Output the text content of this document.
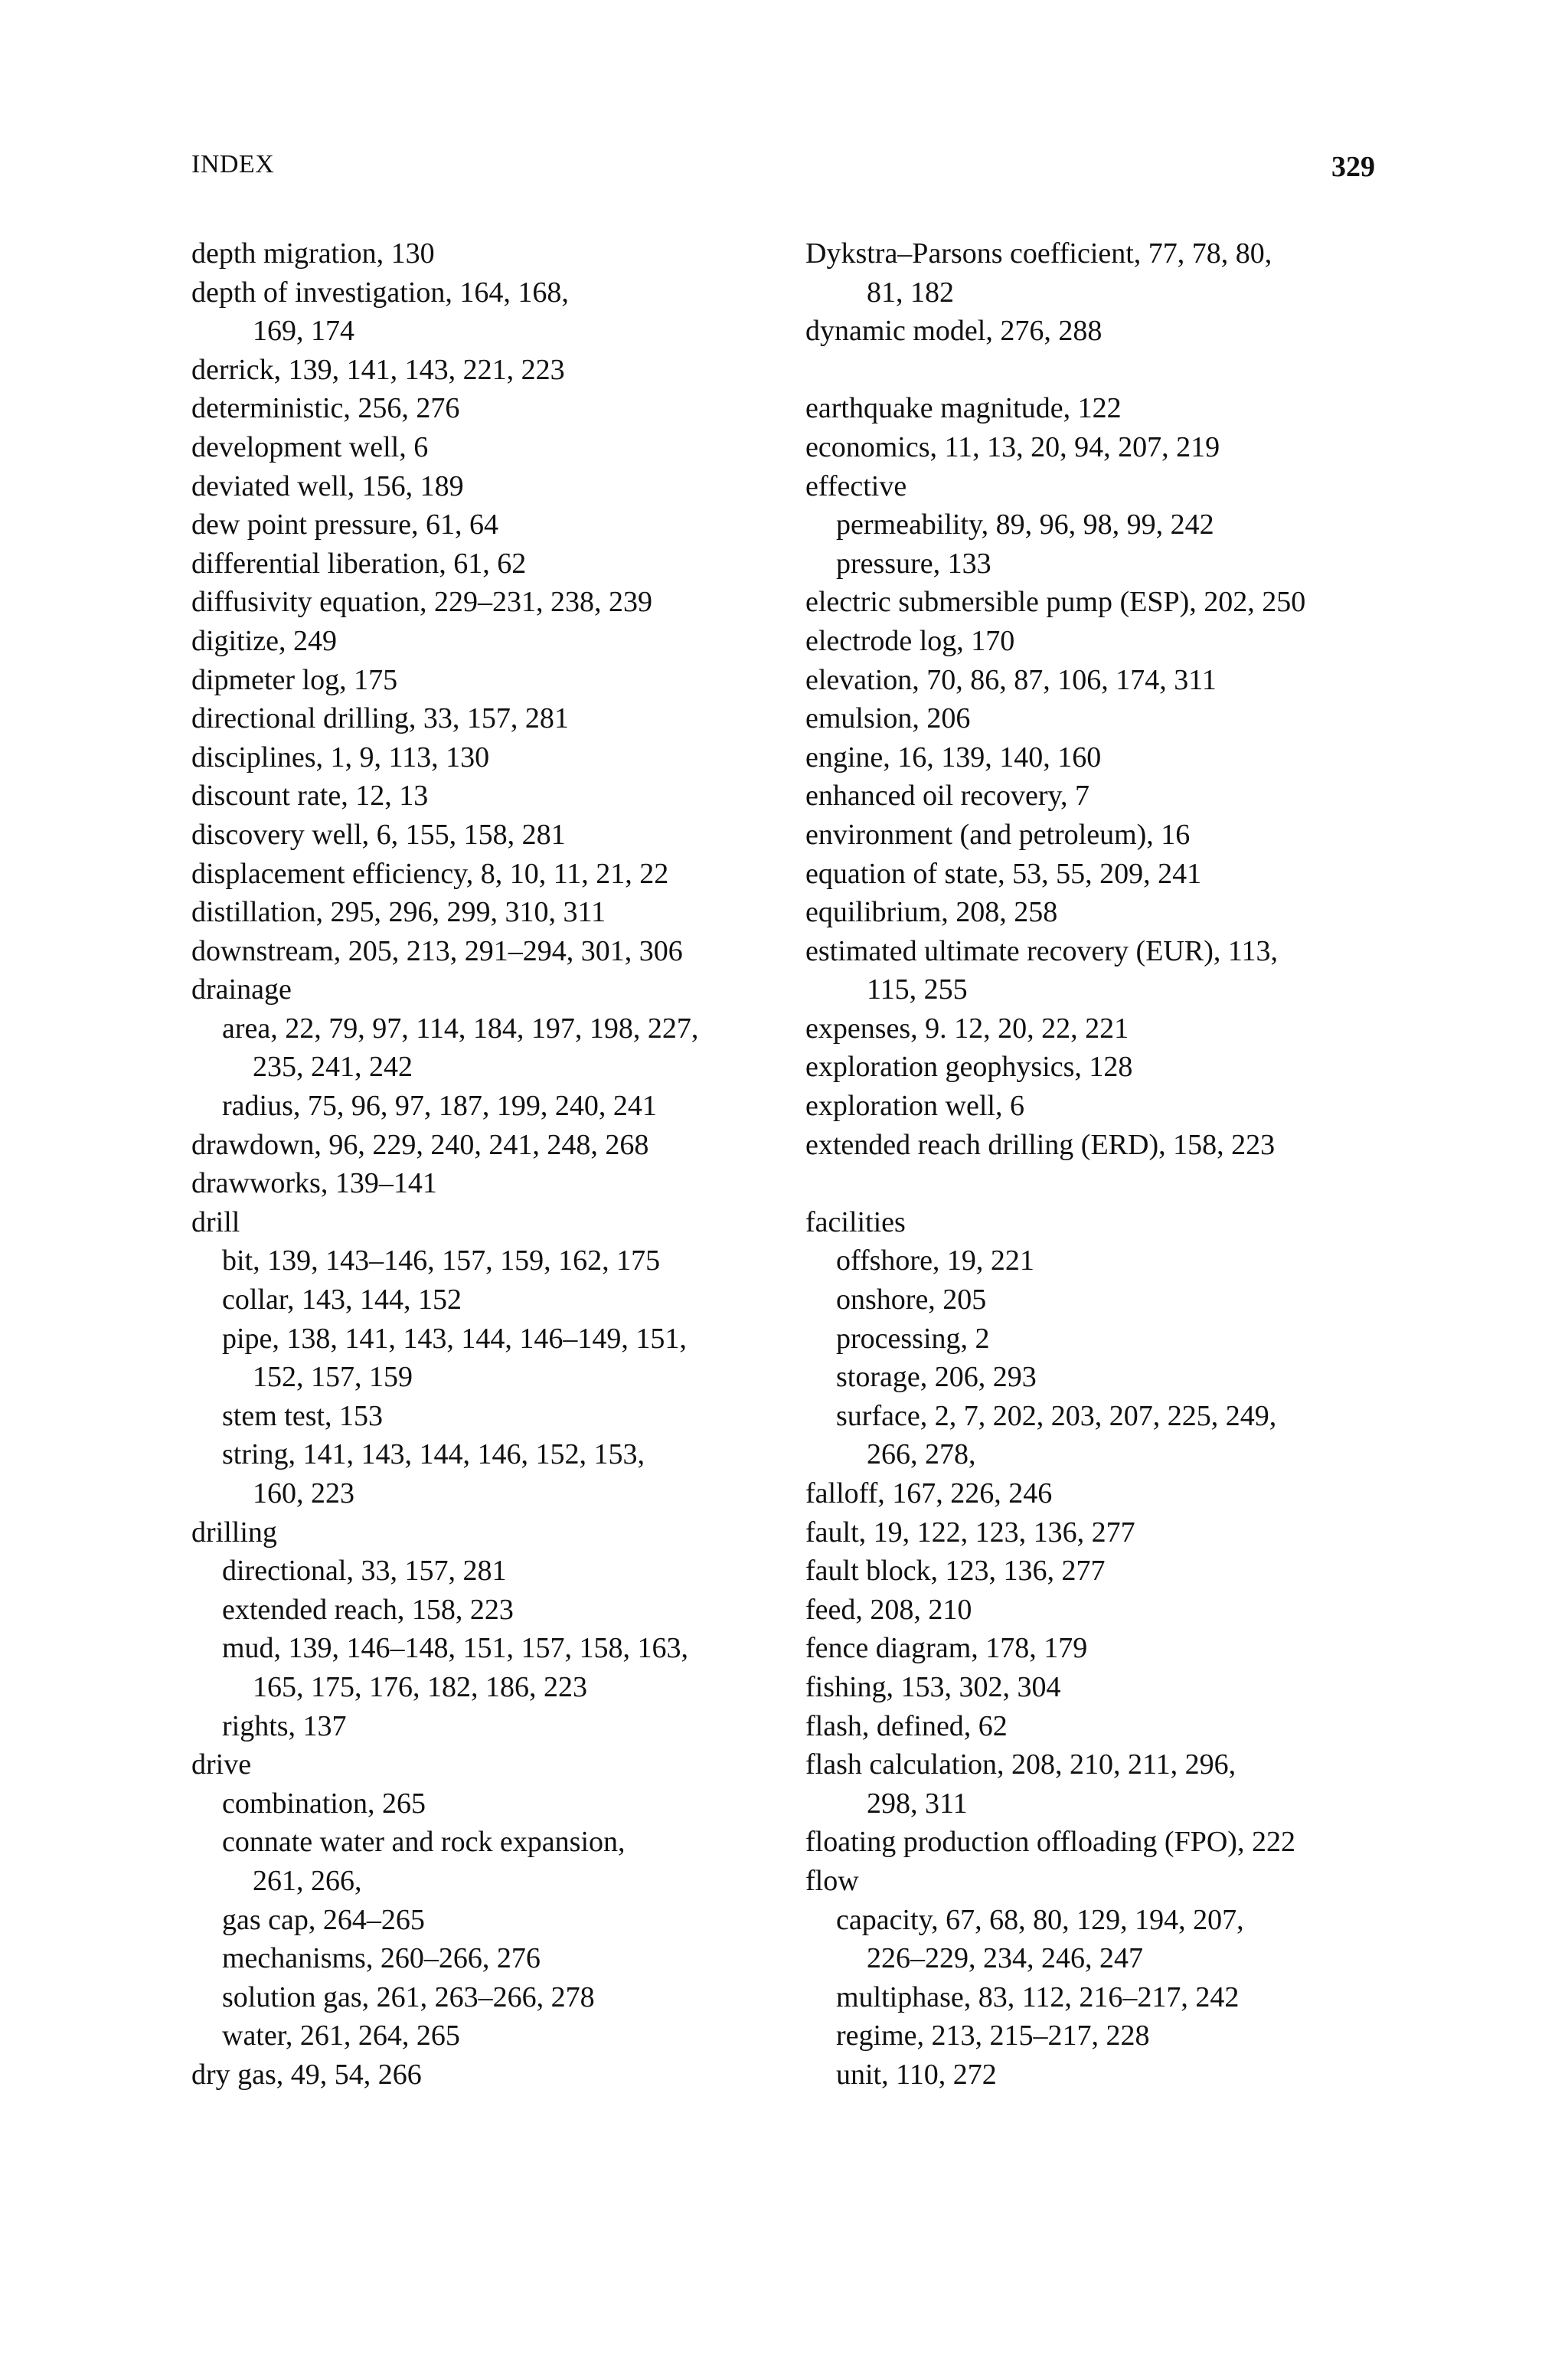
INDEX	329
depth migration, 130
depth of investigation, 164, 168,
169, 174
derrick, 139, 141, 143, 221, 223
deterministic, 256, 276
development well, 6
deviated well, 156, 189
dew point pressure, 61, 64
differential liberation, 61, 62
diffusivity equation, 229–231, 238, 239
digitize, 249
dipmeter log, 175
directional drilling, 33, 157, 281
disciplines, 1, 9, 113, 130
discount rate, 12, 13
discovery well, 6, 155, 158, 281
displacement efficiency, 8, 10, 11, 21, 22
distillation, 295, 296, 299, 310, 311
downstream, 205, 213, 291–294, 301, 306
drainage
area, 22, 79, 97, 114, 184, 197, 198, 227,
235, 241, 242
radius, 75, 96, 97, 187, 199, 240, 241
drawdown, 96, 229, 240, 241, 248, 268
drawworks, 139–141
drill
bit, 139, 143–146, 157, 159, 162, 175
collar, 143, 144, 152
pipe, 138, 141, 143, 144, 146–149, 151,
152, 157, 159
stem test, 153
string, 141, 143, 144, 146, 152, 153,
160, 223
drilling
directional, 33, 157, 281
extended reach, 158, 223
mud, 139, 146–148, 151, 157, 158, 163,
165, 175, 176, 182, 186, 223
rights, 137
drive
combination, 265
connate water and rock expansion,
261, 266,
gas cap, 264–265
mechanisms, 260–266, 276
solution gas, 261, 263–266, 278
water, 261, 264, 265
dry gas, 49, 54, 266
Dykstra–Parsons coefficient, 77, 78, 80,
81, 182
dynamic model, 276, 288
earthquake magnitude, 122
economics, 11, 13, 20, 94, 207, 219
effective
permeability, 89, 96, 98, 99, 242
pressure, 133
electric submersible pump (ESP), 202, 250
electrode log, 170
elevation, 70, 86, 87, 106, 174, 311
emulsion, 206
engine, 16, 139, 140, 160
enhanced oil recovery, 7
environment (and petroleum), 16
equation of state, 53, 55, 209, 241
equilibrium, 208, 258
estimated ultimate recovery (EUR), 113,
115, 255
expenses, 9. 12, 20, 22, 221
exploration geophysics, 128
exploration well, 6
extended reach drilling (ERD), 158, 223
facilities
offshore, 19, 221
onshore, 205
processing, 2
storage, 206, 293
surface, 2, 7, 202, 203, 207, 225, 249,
266, 278,
falloff, 167, 226, 246
fault, 19, 122, 123, 136, 277
fault block, 123, 136, 277
feed, 208, 210
fence diagram, 178, 179
fishing, 153, 302, 304
flash, defined, 62
flash calculation, 208, 210, 211, 296,
298, 311
floating production offloading (FPO), 222
flow
capacity, 67, 68, 80, 129, 194, 207,
226–229, 234, 246, 247
multiphase, 83, 112, 216–217, 242
regime, 213, 215–217, 228
unit, 110, 272
